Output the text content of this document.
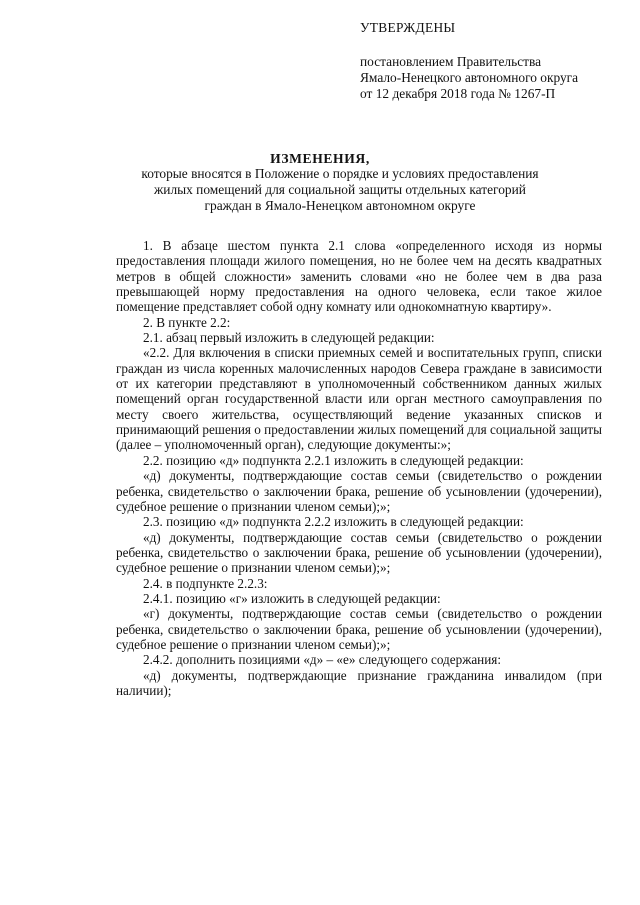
УТВЕРЖДЕНЫ
постановлением Правительства
Ямало-Ненецкого автономного округа
от 12 декабря 2018 года № 1267-П
ИЗМЕНЕНИЯ,
которые вносятся в Положение о порядке и условиях предоставления
жилых помещений для социальной защиты отдельных категорий
граждан в Ямало-Ненецком автономном округе

1. В абзаце шестом пункта 2.1 слова «определенного исходя из нормы предоставления площади жилого помещения, но не более чем на десять квадратных метров в общей сложности» заменить словами «но не более чем в два раза превышающей норму предоставления на одного человека, если такое жилое помещение представляет собой одну комнату или однокомнатную квартиру».

2. В пункте 2.2:

2.1. абзац первый изложить в следующей редакции:

«2.2. Для включения в списки приемных семей и воспитательных групп, списки граждан из числа коренных малочисленных народов Севера граждане в зависимости от их категории представляют в уполномоченный собственником данных жилых помещений орган государственной власти или орган местного самоуправления по месту своего жительства, осуществляющий ведение указанных списков и принимающий решения о предоставлении жилых помещений для социальной защиты (далее – уполномоченный орган), следующие документы:»;

2.2. позицию «д» подпункта 2.2.1 изложить в следующей редакции:

«д) документы, подтверждающие состав семьи (свидетельство о рождении ребенка, свидетельство о заключении брака, решение об усыновлении (удочерении), судебное решение о признании членом семьи);»;

2.3. позицию «д» подпункта 2.2.2 изложить в следующей редакции:

«д) документы, подтверждающие состав семьи (свидетельство о рождении ребенка, свидетельство о заключении брака, решение об усыновлении (удочерении), судебное решение о признании членом семьи);»;

2.4. в подпункте 2.2.3:

2.4.1. позицию «г» изложить в следующей редакции:

«г) документы, подтверждающие состав семьи (свидетельство о рождении ребенка, свидетельство о заключении брака, решение об усыновлении (удочерении), судебное решение о признании членом семьи);»;

2.4.2. дополнить позициями «д» – «е» следующего содержания:

«д) документы, подтверждающие признание гражданина инвалидом (при наличии);
